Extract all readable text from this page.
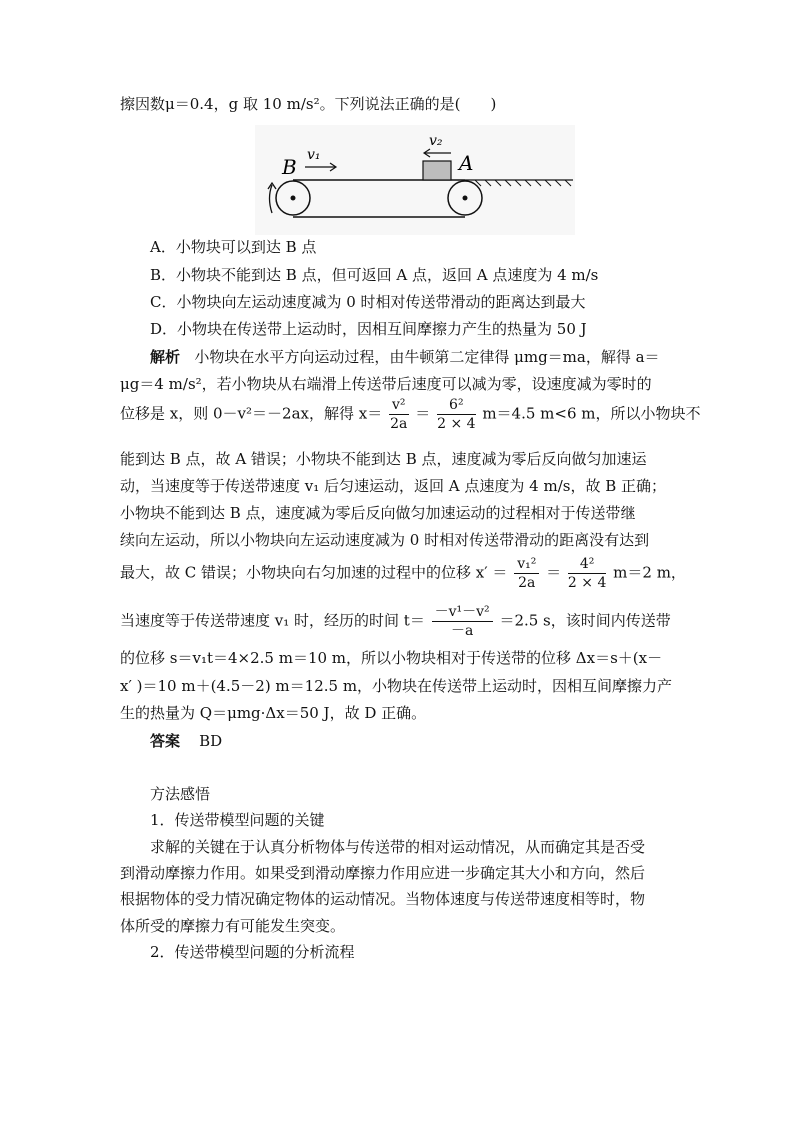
擦因数μ＝0.4，g 取 10 m/s²。下列说法正确的是(　　)
B v₁
v₂
A
A．小物块可以到达 B 点
B．小物块不能到达 B 点，但可返回 A 点，返回 A 点速度为 4 m/s
C．小物块向左运动速度减为 0 时相对传送带滑动的距离达到最大
D．小物块在传送带上运动时，因相互间摩擦力产生的热量为 50 J
解析 小物块在水平方向运动过程，由牛顿第二定律得 μmg＝ma，解得 a＝
μg＝4 m/s²，若小物块从右端滑上传送带后速度可以减为零，设速度减为零时的
位移是 x，则 0－v²＝－2ax，解得 $x= \frac{\text{v²}}{2a} = \frac{\text{6²}}{2 \times 4} m=4.5$ m<6 m，所以小物块不
能到达 B 点，故 A 错误；小物块不能到达 B 点，速度减为零后反向做匀加速运
动，当速度等于传送带速度 v₁ 后匀速运动，返回 A 点速度为 4 m/s，故 B 正确；
小物块不能到达 B 点，速度减为零后反向做匀加速运动的过程相对于传送带继
续向左运动，所以小物块向左运动速度减为 0 时相对传送带滑动的距离没有达到
最大，故 C 错误；小物块向右匀加速的过程中的位移 $x' = \frac{\text{v₁²}}{2a} = \frac{\text{4²}}{2 \times 4} m=2$ m，
当速度等于传送带速度 v₁ 时，经历的时间 $t= \frac{\text{－v¹－v²}}{-a} =2.5$ s，该时间内传送带
的位移 s＝v₁t＝4×2.5 m＝10 m，所以小物块相对于传送带的位移 Δx＝s＋(x－
x′ )＝10 m＋(4.5－2) m＝12.5 m，小物块在传送带上运动时，因相互间摩擦力产
生的热量为 Q＝μmg·Δx＝50 J，故 D 正确。
答案 BD
方法感悟
1．传送带模型问题的关键
求解的关键在于认真分析物体与传送带的相对运动情况，从而确定其是否受
到滑动摩擦力作用。如果受到滑动摩擦力作用应进一步确定其大小和方向，然后
根据物体的受力情况确定物体的运动情况。当物体速度与传送带速度相等时，物
体所受的摩擦力有可能发生突变。
2．传送带模型问题的分析流程
